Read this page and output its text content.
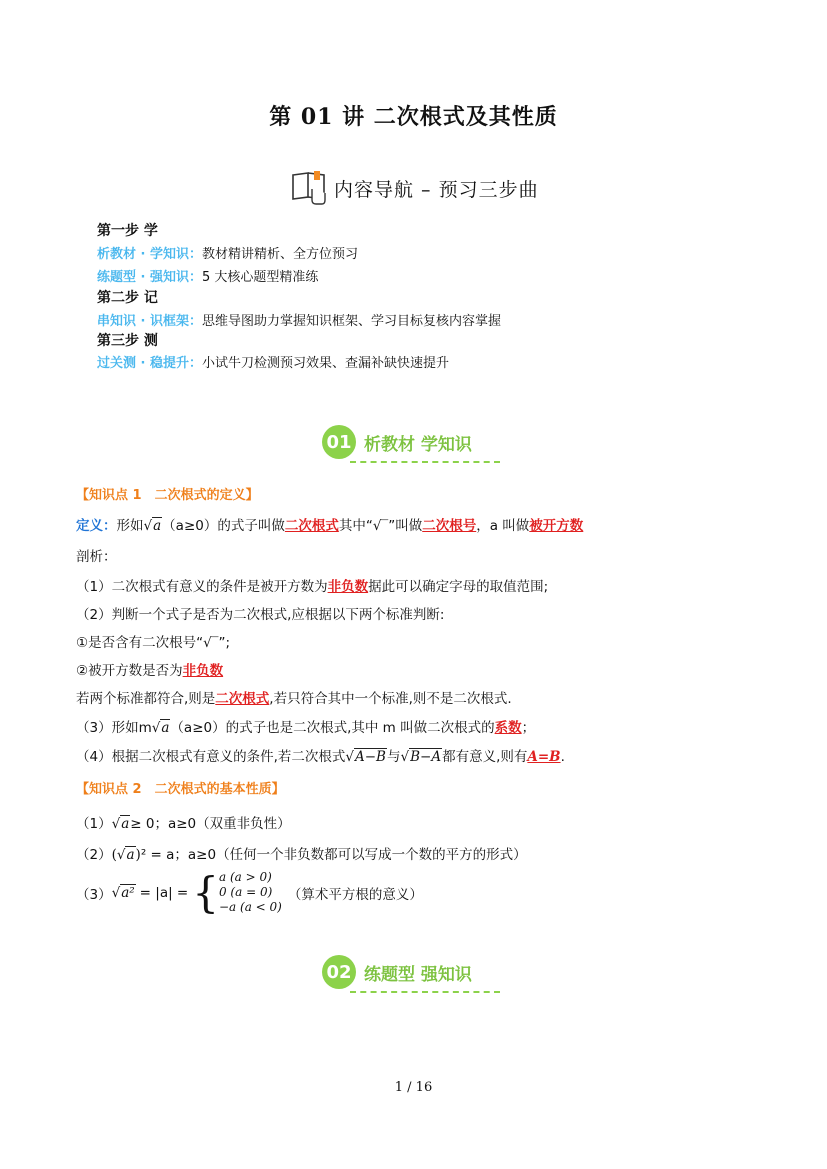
第 01 讲 二次根式及其性质
内容导航 – 预习三步曲
第一步 学
析教材 · 学知识：教材精讲精析、全方位预习
练题型 · 强知识：5 大核心题型精准练
第二步 记
串知识 · 识框架：思维导图助力掌握知识框架、学习目标复核内容掌握
第三步 测
过关测 · 稳提升：小试牛刀检测预习效果、查漏补缺快速提升
01 析教材 学知识
【知识点 1　二次根式的定义】
定义：形如√a（a≥0）的式子叫做二次根式其中“√‾”叫做二次根号，a 叫做被开方数
剖析：
（1）二次根式有意义的条件是被开方数为非负数据此可以确定字母的取值范围;
（2）判断一个式子是否为二次根式,应根据以下两个标准判断:
①是否含有二次根号“√‾”;
②被开方数是否为非负数
若两个标准都符合,则是二次根式,若只符合其中一个标准,则不是二次根式.
（3）形如m√a（a≥0）的式子也是二次根式,其中 m 叫做二次根式的系数；
（4）根据二次根式有意义的条件,若二次根式√A−B与√B−A都有意义,则有A=B.
【知识点 2　二次根式的基本性质】
（1）√a≥ 0；a≥0（双重非负性）
（2）(√a)² = a；a≥0（任何一个非负数都可以写成一个数的平方的形式）
（3） √a² = |a| = { a (a > 0)
0 (a = 0)
−a (a < 0)
（算术平方根的意义）
02 练题型 强知识
1 / 16
